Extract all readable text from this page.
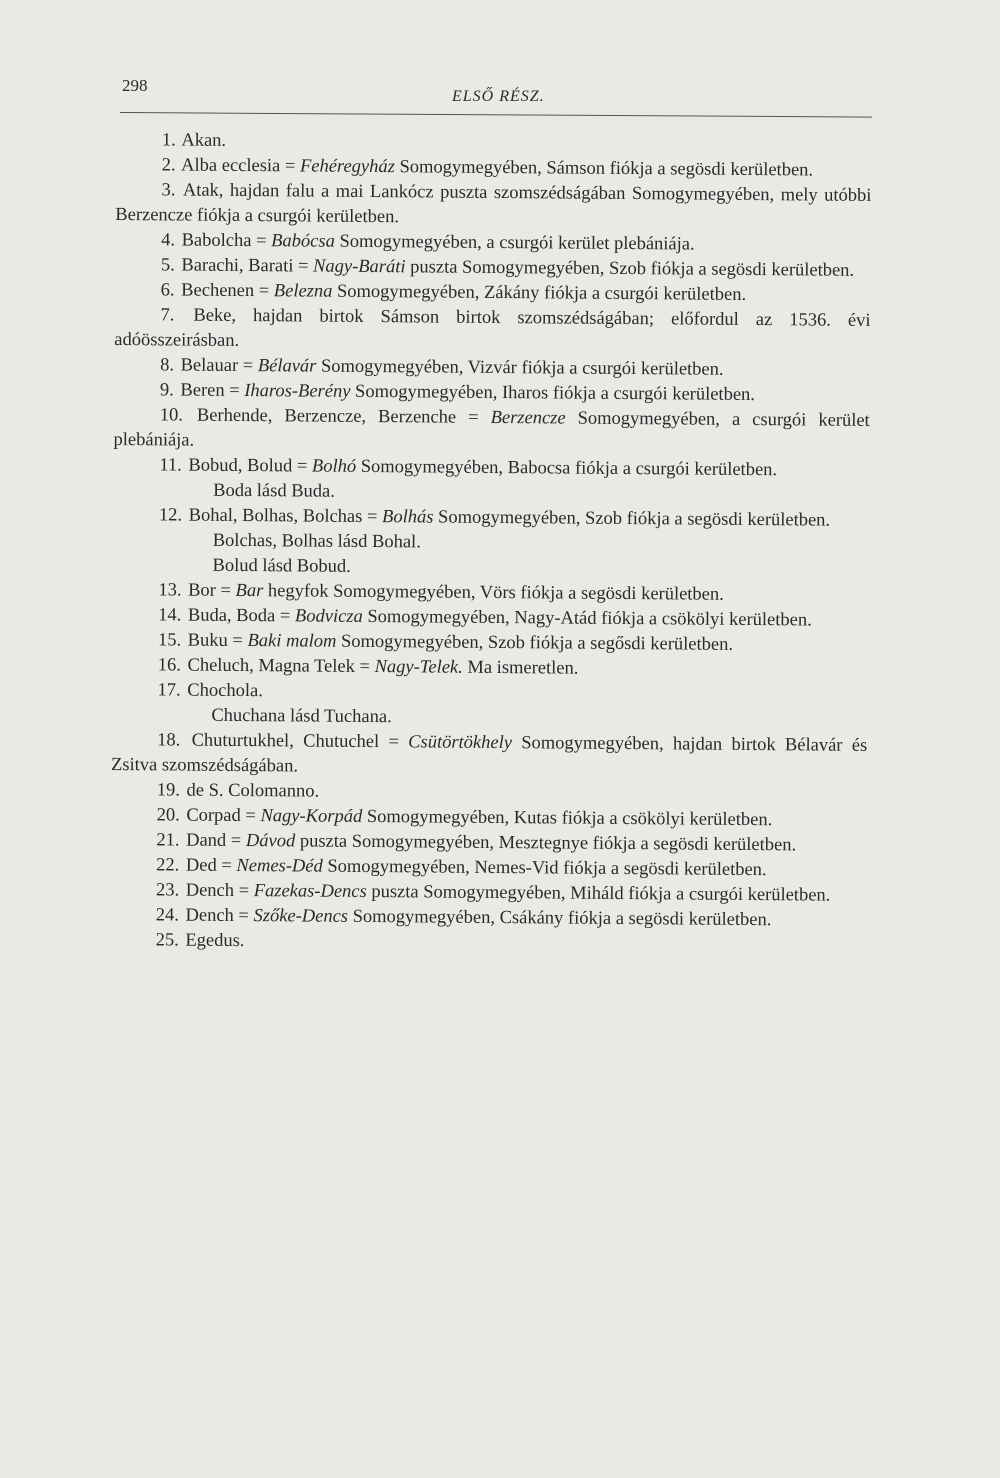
298
ELSŐ RÉSZ.

1. Akan.

2. Alba ecclesia = Fehéregyház Somogymegyében, Sámson fiókja a segösdi kerületben.

3. Atak, hajdan falu a mai Lankócz puszta szomszédságában Somogymegyében, mely utóbbi Berzencze fiókja a csurgói kerületben.

4. Babolcha = Babócsa Somogymegyében, a csurgói kerület plebániája.

5. Barachi, Barati = Nagy-Baráti puszta Somogymegyében, Szob fiókja a segösdi kerületben.

6. Bechenen = Belezna Somogymegyében, Zákány fiókja a csurgói kerületben.

7. Beke, hajdan birtok Sámson birtok szomszédságában; előfordul az 1536. évi adóösszeirásban.

8. Belauar = Bélavár Somogymegyében, Vizvár fiókja a csurgói kerületben.

9. Beren = Iharos-Berény Somogymegyében, Iharos fiókja a csurgói kerületben.

10. Berhende, Berzencze, Berzenche = Berzencze Somogymegyében, a csurgói kerület plebániája.

11. Bobud, Bolud = Bolhó Somogymegyében, Babocsa fiókja a csurgói kerületben.

Boda lásd Buda.

12. Bohal, Bolhas, Bolchas = Bolhás Somogymegyében, Szob fiókja a segösdi kerületben.

Bolchas, Bolhas lásd Bohal.

Bolud lásd Bobud.

13. Bor = Bar hegyfok Somogymegyében, Vörs fiókja a segösdi kerületben.

14. Buda, Boda = Bodvicza Somogymegyében, Nagy-Atád fiókja a csökölyi kerületben.

15. Buku = Baki malom Somogymegyében, Szob fiókja a segősdi kerületben.

16. Cheluch, Magna Telek = Nagy-Telek. Ma ismeretlen.

17. Chochola.

Chuchana lásd Tuchana.

18. Chuturtukhel, Chutuchel = Csütörtökhely Somogymegyében, hajdan birtok Bélavár és Zsitva szomszédságában.

19. de S. Colomanno.

20. Corpad = Nagy-Korpád Somogymegyében, Kutas fiókja a csökölyi kerületben.

21. Dand = Dávod puszta Somogymegyében, Mesztegnye fiókja a segösdi kerületben.

22. Ded = Nemes-Déd Somogymegyében, Nemes-Vid fiókja a segösdi kerületben.

23. Dench = Fazekas-Dencs puszta Somogymegyében, Miháld fiókja a csurgói kerületben.

24. Dench = Szőke-Dencs Somogymegyében, Csákány fiókja a segösdi kerületben.

25. Egedus.
